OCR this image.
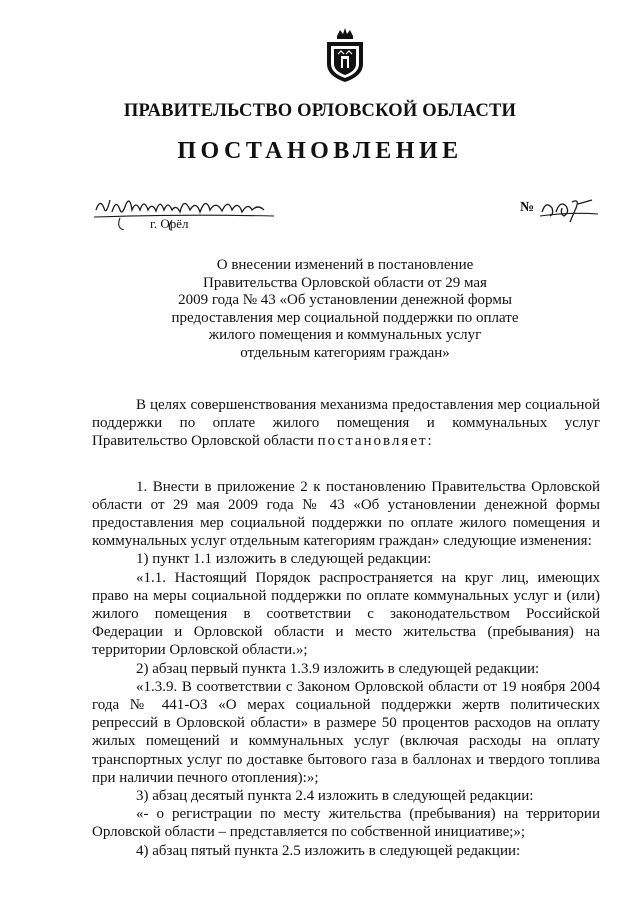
ПРАВИТЕЛЬСТВО ОРЛОВСКОЙ ОБЛАСТИ
ПОСТАНОВЛЕНИЕ
г. Орёл
№
О внесении изменений в постановление
Правительства Орловской области от 29 мая
2009 года № 43 «Об установлении денежной формы
предоставления мер социальной поддержки по оплате
жилого помещения и коммунальных услуг
отдельным категориям граждан»

В целях совершенствования механизма предоставления мер социальной поддержки по оплате жилого помещения и коммунальных услуг Правительство Орловской области постановляет:

1. Внести в приложение 2 к постановлению Правительства Орловской области от 29 мая 2009 года № 43 «Об установлении денежной формы предоставления мер социальной поддержки по оплате жилого помещения и коммунальных услуг отдельным категориям граждан» следующие изменения:

1) пункт 1.1 изложить в следующей редакции:

«1.1. Настоящий Порядок распространяется на круг лиц, имеющих право на меры социальной поддержки по оплате коммунальных услуг и (или) жилого помещения в соответствии с законодательством Российской Федерации и Орловской области и место жительства (пребывания) на территории Орловской области.»;

2) абзац первый пункта 1.3.9 изложить в следующей редакции:

«1.3.9. В соответствии с Законом Орловской области от 19 ноября 2004 года № 441-ОЗ «О мерах социальной поддержки жертв политических репрессий в Орловской области» в размере 50 процентов расходов на оплату жилых помещений и коммунальных услуг (включая расходы на оплату транспортных услуг по доставке бытового газа в баллонах и твердого топлива при наличии печного отопления):»;

3) абзац десятый пункта 2.4 изложить в следующей редакции:

«- о регистрации по месту жительства (пребывания) на территории Орловской области – представляется по собственной инициативе;»;

4) абзац пятый пункта 2.5 изложить в следующей редакции:
